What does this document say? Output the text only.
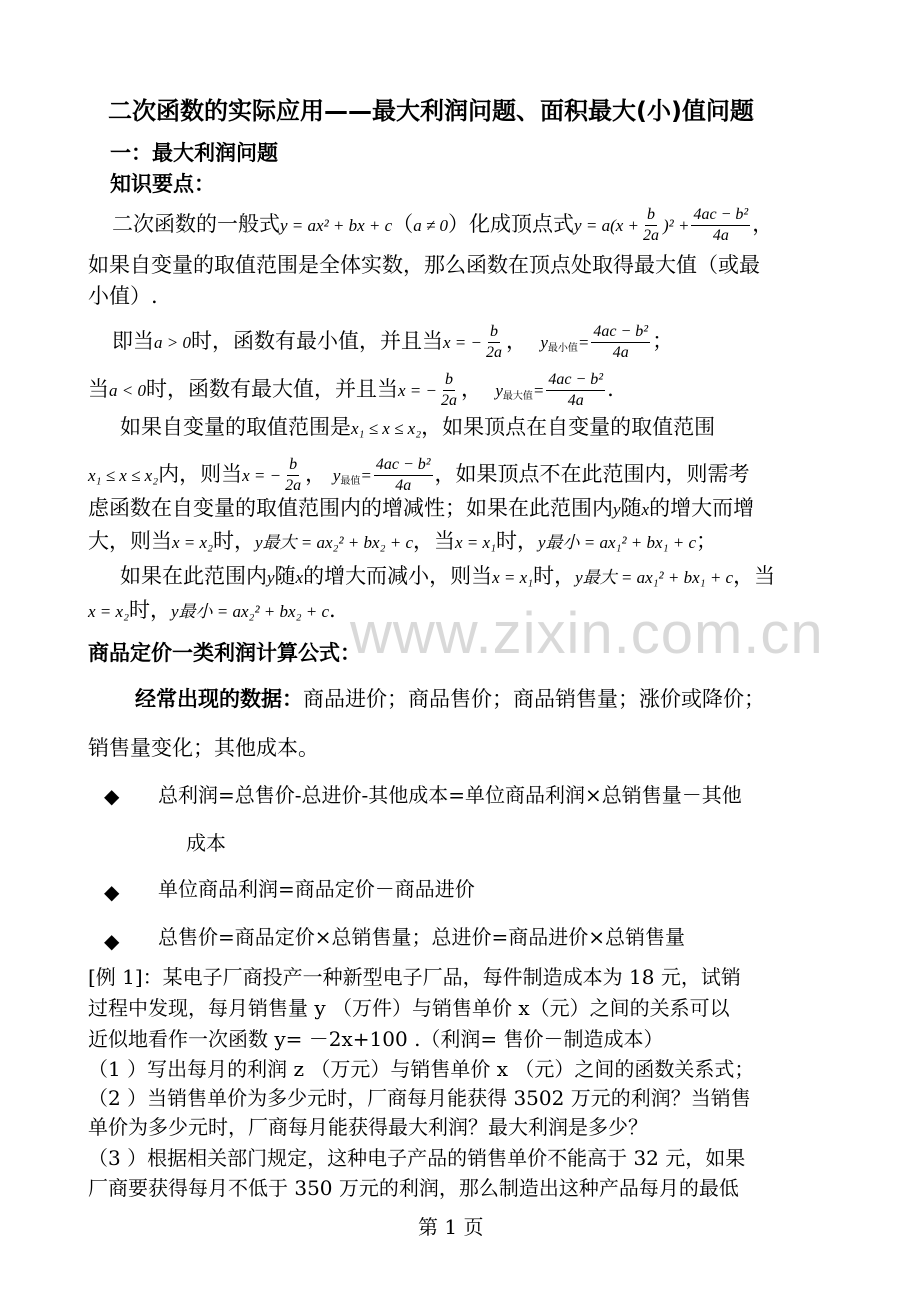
www.zixin.com.cn
二次函数的实际应用——最大利润问题、面积最大(小)值问题
一：最大利润问题
知识要点：
二次函数的一般式y = ax² + bx + c（a ≠ 0）化成顶点式$y = a(x + \frac{b}{2a} )^2 + \frac{\text{4ac − b²}}{4a}$ ，
如果自变量的取值范围是全体实数，那么函数在顶点处取得最大值（或最
小值）.
即当a > 0时，函数有最小值，并且当x = − $\frac{b}{2a}$ ， $y_{最小值}= \frac{\text{4ac − b²}}{4a}$ ；
当a < 0时，函数有最大值，并且当x = − $\frac{b}{2a}$ ， $y_{最大值}= \frac{\text{4ac − b²}}{4a}$ .
如果自变量的取值范围是x₁ ≤ x ≤ x₂，如果顶点在自变量的取值范围
x₁ ≤ x ≤ x₂内，则当x = − $\frac{b}{2a}$ ， $y_{最值}= \frac{\text{4ac − b²}}{4a}$ ，如果顶点不在此范围内，则需考
虑函数在自变量的取值范围内的增减性；如果在此范围内y随x的增大而增
大，则当x = x₂时，y最大 = ax₂² + bx₂ + c，当x = x₁时，y最小 = ax₁² + bx₁ + c；
如果在此范围内y随x的增大而减小，则当x = x₁时，y最大 = ax₁² + bx₁ + c，当
x = x₂时，y最小 = ax₂² + bx₂ + c.
商品定价一类利润计算公式：
经常出现的数据：商品进价；商品售价；商品销售量；涨价或降价；
销售量变化；其他成本。
◆ 总利润=总售价-总进价-其他成本=单位商品利润×总销售量－其他
成本
◆ 单位商品利润=商品定价－商品进价
◆ 总售价=商品定价×总销售量；总进价=商品进价×总销售量
[例 1]：某电子厂商投产一种新型电子厂品，每件制造成本为 18 元，试销
过程中发现，每月销售量 y （万件）与销售单价 x（元）之间的关系可以
近似地看作一次函数 y= －2x+100 .（利润= 售价－制造成本）
（1 ）写出每月的利润 z （万元）与销售单价 x （元）之间的函数关系式；
（2 ）当销售单价为多少元时，厂商每月能获得 3502 万元的利润？当销售
单价为多少元时，厂商每月能获得最大利润？最大利润是多少？
（3 ）根据相关部门规定，这种电子产品的销售单价不能高于 32 元，如果
厂商要获得每月不低于 350 万元的利润，那么制造出这种产品每月的最低
第 1 页
